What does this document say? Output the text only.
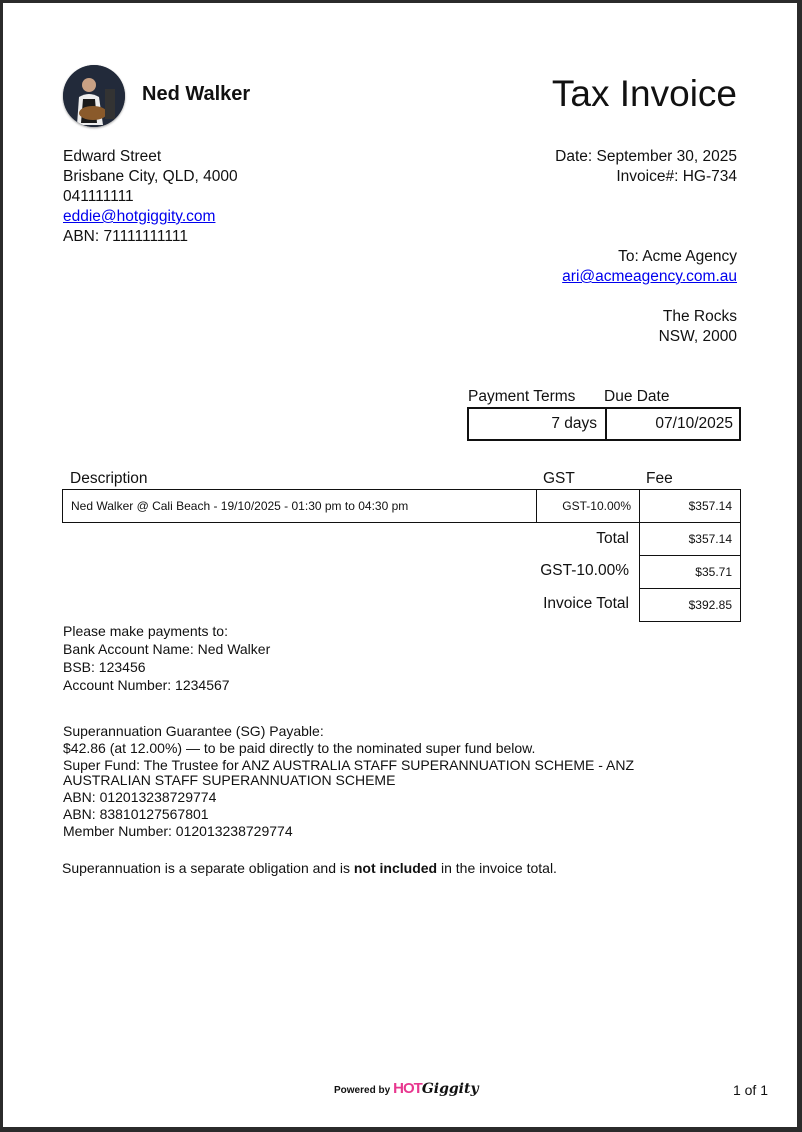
Ned Walker	Tax Invoice
Edward Street
Brisbane City, QLD, 4000
041111111
eddie@hotgiggity.com
ABN: 71111111111
Date: September 30, 2025
Invoice#: HG-734
To: Acme Agency
ari@acmeagency.com.au
The Rocks
NSW, 2000
Payment Terms Due Date
7 days	07/10/2025
Description	GST	Fee
Ned Walker @ Cali Beach - 19/10/2025 - 01:30 pm to 04:30 pm	GST-10.00%	$357.14
Total	$357.14
GST-10.00%	$35.71
Invoice Total	$392.85
Please make payments to:
Bank Account Name: Ned Walker
BSB: 123456
Account Number: 1234567
Superannuation Guarantee (SG) Payable:
$42.86 (at 12.00%) — to be paid directly to the nominated super fund below.
Super Fund: The Trustee for ANZ AUSTRALIA STAFF SUPERANNUATION SCHEME - ANZ
AUSTRALIAN STAFF SUPERANNUATION SCHEME
ABN: 012013238729774
ABN: 83810127567801
Member Number: 012013238729774
Superannuation is a separate obligation and is not included in the invoice total.
Powered by HOT Giggity	1 of 1
